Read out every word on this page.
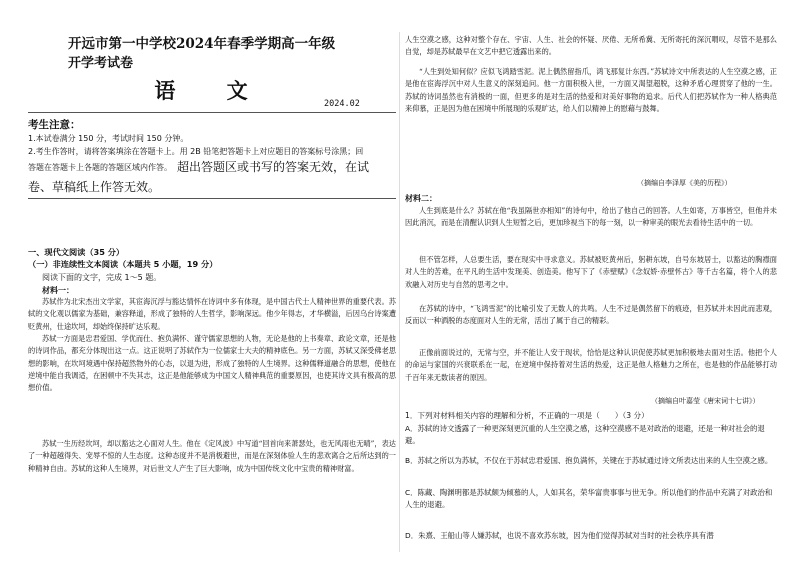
开远市第一中学校2024年春季学期高一年级
开学考试卷
语 文
2024.02
考生注意：
1.本试卷满分 150 分，考试时间 150 分钟。
2.考生作答时，请将答案填涂在答题卡上。用 2B 铅笔把答题卡上对应题目的答案标号涂黑；回
答题在答题卡上各题的答题区域内作答。 超出答题区或书写的答案无效，在试
卷、草稿纸上作答无效。
一、现代文阅读（35 分）
（一）非连续性文本阅读（本题共 5 小题，19 分）
阅读下面的文字，完成 1～5 题。
材料一：

苏轼作为北宋杰出文学家，其宦海沉浮与豁达情怀在诗词中多有体现，是中国古代士人精神世界的重要代表。苏轼的文化观以儒家为基础，兼容释道，形成了独特的人生哲学，影响深远。他少年得志，才华横溢，后因乌台诗案遭贬黄州，仕途坎坷，却始终保持旷达乐观。

苏轼一方面是忠君爱国、学优而仕、抱负满怀、谨守儒家思想的人物，无论是他的上书奏章、政论文章，还是他的诗词作品，都充分体现出这一点。这正说明了苏轼作为一位儒家士大夫的精神底色。另一方面，苏轼又深受佛老思想的影响，在坎坷境遇中保持超然物外的心态，以退为进，形成了独特的人生境界。这种儒释道融合的思想，使他在逆境中能自我调适，在困顿中不失其志，这正是他能够成为中国文人精神典范的重要原因，也使其诗文具有极高的思想价值。

苏轼一生历经坎坷，却以豁达之心面对人生。他在《定风波》中写道“回首向来萧瑟处，也无风雨也无晴”，表达了一种超越得失、宠辱不惊的人生态度。这种态度并不是消极避世，而是在深刻体验人生的悲欢离合之后所达到的一种精神自由。苏轼的这种人生境界，对后世文人产生了巨大影响，成为中国传统文化中宝贵的精神财富。

人生空漠之感，这种对整个存在、宇宙、人生、社会的怀疑、厌倦、无所希冀、无所寄托的深沉喟叹，尽管不是那么自觉，却是苏轼最早在文艺中把它透露出来的。

“人生到处知何似？应似飞鸿踏雪泥。泥上偶然留指爪，鸿飞那复计东西。”苏轼诗文中所表达的人生空漠之感，正是他在宦海浮沉中对人生意义的深刻追问。他一方面积极入世，一方面又渴望超脱，这种矛盾心理贯穿了他的一生。苏轼的诗词虽然也有消极的一面，但更多的是对生活的热爱和对美好事物的追求。后代人们把苏轼作为一种人格典范来仰慕，正是因为他在困境中所展现的乐观旷达，给人们以精神上的慰藉与鼓舞。

（摘编自李泽厚《美的历程》）
材料二：

人生到底是什么？苏轼在他“我虽隔世亦相知”的诗句中，给出了他自己的回答。人生如寄，万事皆空，但他并未因此消沉，而是在清醒认识到人生短暂之后，更加珍视当下的每一刻，以一种审美的眼光去看待生活中的一切。

但不管怎样，人总要生活，要在现实中寻求意义。苏轼被贬黄州后，躬耕东坡，自号东坡居士，以豁达的胸襟面对人生的苦难，在平凡的生活中发现美、创造美。他写下了《赤壁赋》《念奴娇·赤壁怀古》等千古名篇，将个人的悲欢融入对历史与自然的思考之中。

在苏轼的诗中，“飞鸿雪泥”的比喻引发了无数人的共鸣。人生不过是偶然留下的痕迹，但苏轼并未因此而悲观，反而以一种洒脱的态度面对人生的无常，活出了属于自己的精彩。

正像前面说过的，无常与空，并不能让人安于现状，恰恰是这种认识促使苏轼更加积极地去面对生活。他把个人的命运与家国的兴衰联系在一起，在逆境中保持着对生活的热爱，这正是他人格魅力之所在，也是他的作品能够打动千百年来无数读者的原因。

（摘编自叶嘉莹《唐宋词十七讲》）
1．下列对材料相关内容的理解和分析，不正确的一项是（　　）（3 分）

A．苏轼的诗文透露了一种更深刻更沉重的人生空漠之感，这种空漠感不是对政治的退避，还是一种对社会的退避。

B．苏轼之所以为苏轼，不仅在于苏轼忠君爱国、抱负满怀，关键在于苏轼通过诗文所表达出来的人生空漠之感。

C．陈藏、陶渊明都是苏轼颇为倾慕的人，人如其名，荣华富贵事事与世无争。所以他们的作品中充满了对政治和人生的退避。

D．朱熹、王船山等人嫌苏轼，也说不喜欢苏东坡，因为他们觉得苏轼对当时的社会秩序具有潜
